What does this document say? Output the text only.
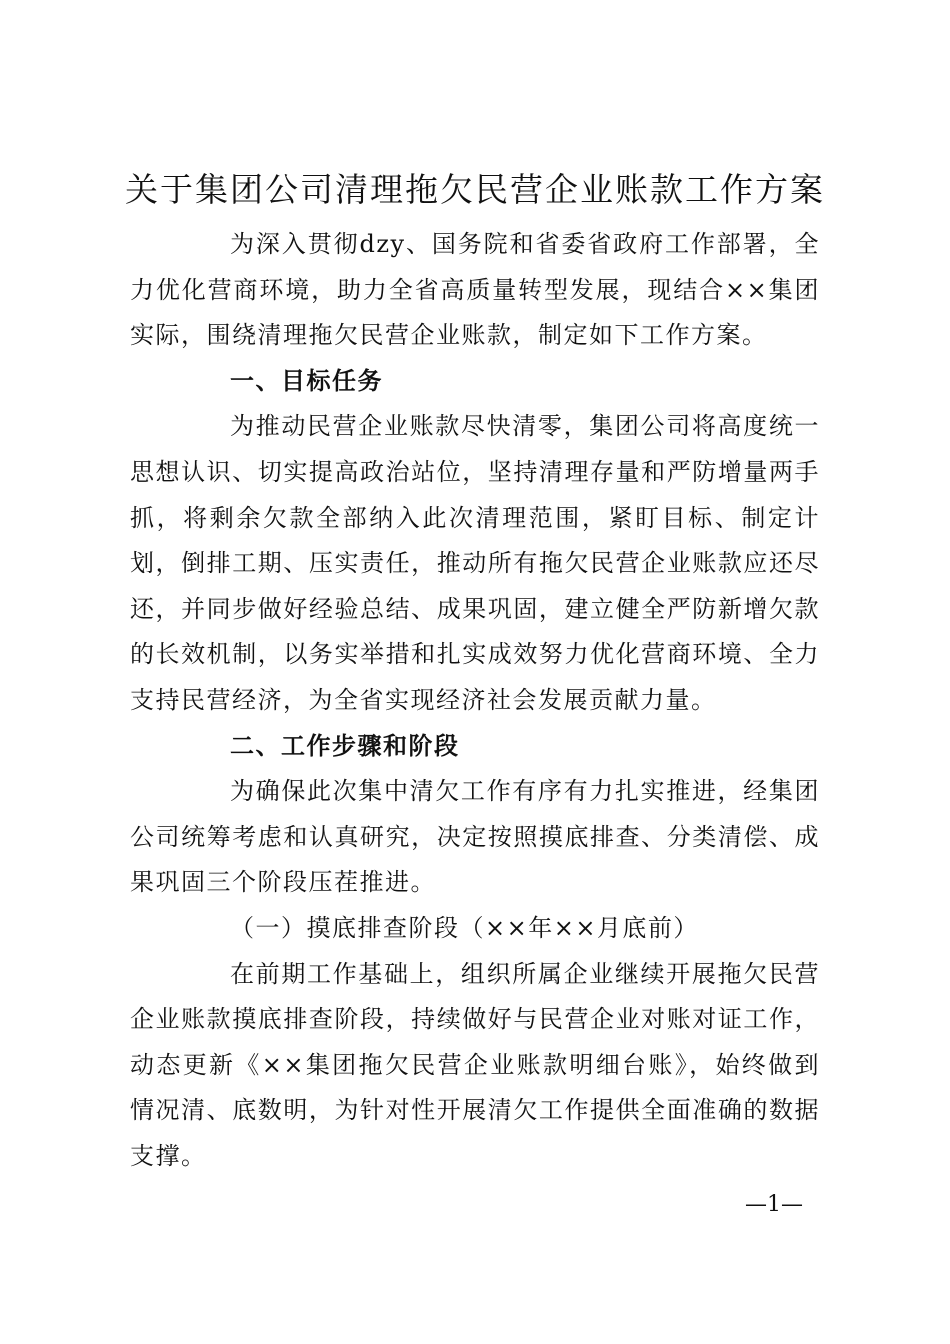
关于集团公司清理拖欠民营企业账款工作方案

为深入贯彻dzy、国务院和省委省政府工作部署，全力优化营商环境，助力全省高质量转型发展，现结合××集团实际，围绕清理拖欠民营企业账款，制定如下工作方案。

一、目标任务

为推动民营企业账款尽快清零，集团公司将高度统一思想认识、切实提高政治站位，坚持清理存量和严防增量两手抓，将剩余欠款全部纳入此次清理范围，紧盯目标、制定计划，倒排工期、压实责任，推动所有拖欠民营企业账款应还尽还，并同步做好经验总结、成果巩固，建立健全严防新增欠款的长效机制，以务实举措和扎实成效努力优化营商环境、全力支持民营经济，为全省实现经济社会发展贡献力量。

二、工作步骤和阶段

为确保此次集中清欠工作有序有力扎实推进，经集团公司统筹考虑和认真研究，决定按照摸底排查、分类清偿、成果巩固三个阶段压茬推进。

（一）摸底排查阶段（××年××月底前）

在前期工作基础上，组织所属企业继续开展拖欠民营企业账款摸底排查阶段，持续做好与民营企业对账对证工作，动态更新《××集团拖欠民营企业账款明细台账》，始终做到情况清、底数明，为针对性开展清欠工作提供全面准确的数据支撑。

—1—
